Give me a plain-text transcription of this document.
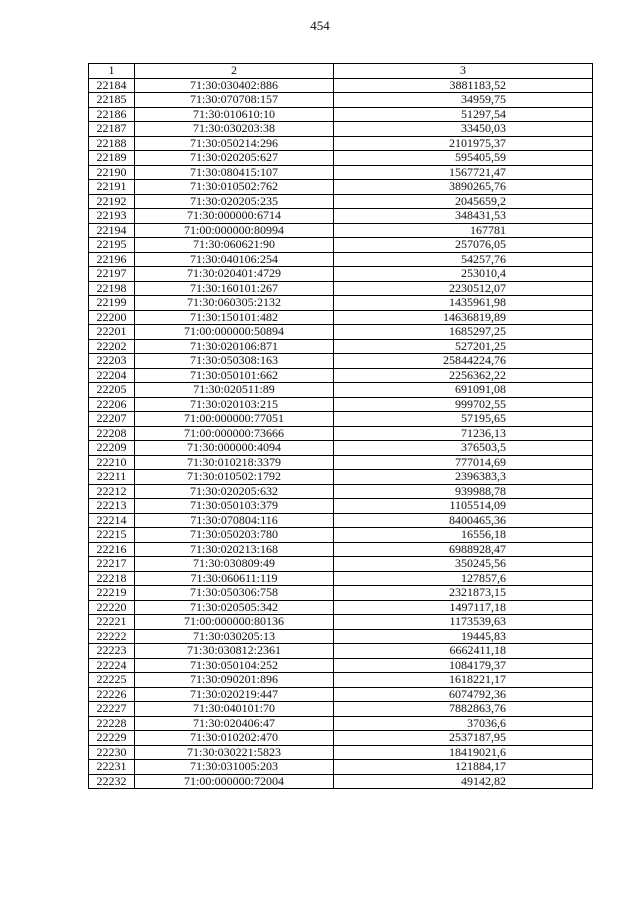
454
1	2	3
22184	71:30:030402:886	3881183,52
22185	71:30:070708:157	34959,75
22186	71:30:010610:10	51297,54
22187	71:30:030203:38	33450,03
22188	71:30:050214:296	2101975,37
22189	71:30:020205:627	595405,59
22190	71:30:080415:107	1567721,47
22191	71:30:010502:762	3890265,76
22192	71:30:020205:235	2045659,2
22193	71:30:000000:6714	348431,53
22194	71:00:000000:80994	167781
22195	71:30:060621:90	257076,05
22196	71:30:040106:254	54257,76
22197	71:30:020401:4729	253010,4
22198	71:30:160101:267	2230512,07
22199	71:30:060305:2132	1435961,98
22200	71:30:150101:482	14636819,89
22201	71:00:000000:50894	1685297,25
22202	71:30:020106:871	527201,25
22203	71:30:050308:163	25844224,76
22204	71:30:050101:662	2256362,22
22205	71:30:020511:89	691091,08
22206	71:30:020103:215	999702,55
22207	71:00:000000:77051	57195,65
22208	71:00:000000:73666	71236,13
22209	71:30:000000:4094	376503,5
22210	71:30:010218:3379	777014,69
22211	71:30:010502:1792	2396383,3
22212	71:30:020205:632	939988,78
22213	71:30:050103:379	1105514,09
22214	71:30:070804:116	8400465,36
22215	71:30:050203:780	16556,18
22216	71:30:020213:168	6988928,47
22217	71:30:030809:49	350245,56
22218	71:30:060611:119	127857,6
22219	71:30:050306:758	2321873,15
22220	71:30:020505:342	1497117,18
22221	71:00:000000:80136	1173539,63
22222	71:30:030205:13	19445,83
22223	71:30:030812:2361	6662411,18
22224	71:30:050104:252	1084179,37
22225	71:30:090201:896	1618221,17
22226	71:30:020219:447	6074792,36
22227	71:30:040101:70	7882863,76
22228	71:30:020406:47	37036,6
22229	71:30:010202:470	2537187,95
22230	71:30:030221:5823	18419021,6
22231	71:30:031005:203	121884,17
22232	71:00:000000:72004	49142,82
